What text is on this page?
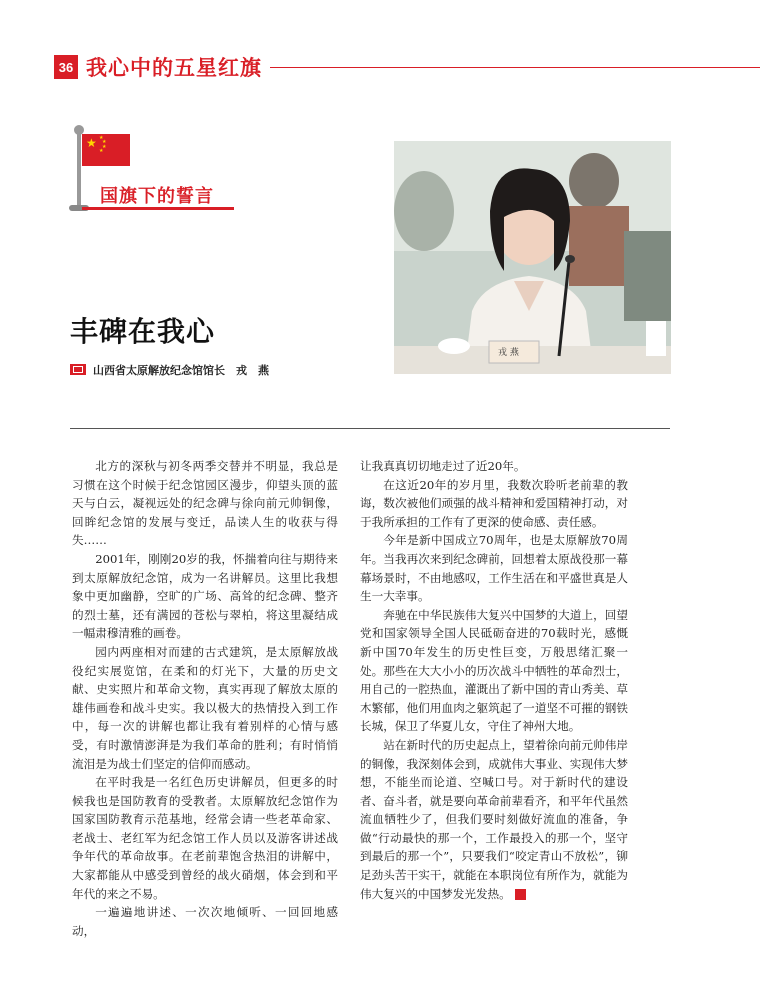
36 我心中的五星红旗
★ ★
★
★
★
国旗下的誓言
戎 燕
丰碑在我心
山西省太原解放纪念馆馆长　戎　燕

北方的深秋与初冬两季交替并不明显，我总是习惯在这个时候于纪念馆园区漫步，仰望头顶的蓝天与白云，凝视远处的纪念碑与徐向前元帅铜像，回眸纪念馆的发展与变迁，品读人生的收获与得失……

2001年，刚刚20岁的我，怀揣着向往与期待来到太原解放纪念馆，成为一名讲解员。这里比我想象中更加幽静，空旷的广场、高耸的纪念碑、整齐的烈士墓，还有满园的苍松与翠柏，将这里凝结成一幅肃穆清雅的画卷。

园内两座相对而建的古式建筑，是太原解放战役纪实展览馆，在柔和的灯光下，大量的历史文献、史实照片和革命文物，真实再现了解放太原的雄伟画卷和战斗史实。我以极大的热情投入到工作中，每一次的讲解也都让我有着别样的心情与感受，有时激情澎湃是为我们革命的胜利；有时悄悄流泪是为战士们坚定的信仰而感动。

在平时我是一名红色历史讲解员，但更多的时候我也是国防教育的受教者。太原解放纪念馆作为国家国防教育示范基地，经常会请一些老革命家、老战士、老红军为纪念馆工作人员以及游客讲述战争年代的革命故事。在老前辈饱含热泪的讲解中，大家都能从中感受到曾经的战火硝烟，体会到和平年代的来之不易。

一遍遍地讲述、一次次地倾听、一回回地感动，

让我真真切切地走过了近20年。

在这近20年的岁月里，我数次聆听老前辈的教诲，数次被他们顽强的战斗精神和爱国精神打动，对于我所承担的工作有了更深的使命感、责任感。

今年是新中国成立70周年，也是太原解放70周年。当我再次来到纪念碑前，回想着太原战役那一幕幕场景时，不由地感叹，工作生活在和平盛世真是人生一大幸事。

奔驰在中华民族伟大复兴中国梦的大道上，回望党和国家领导全国人民砥砺奋进的70载时光，感慨新中国70年发生的历史性巨变，万般思绪汇聚一处。那些在大大小小的历次战斗中牺牲的革命烈士，用自己的一腔热血，灌溉出了新中国的青山秀美、草木繁郁，他们用血肉之躯筑起了一道坚不可摧的钢铁长城，保卫了华夏儿女，守住了神州大地。

站在新时代的历史起点上，望着徐向前元帅伟岸的铜像，我深刻体会到，成就伟大事业、实现伟大梦想，不能坐而论道、空喊口号。对于新时代的建设者、奋斗者，就是要向革命前辈看齐，和平年代虽然流血牺牲少了，但我们要时刻做好流血的准备，争做“行动最快的那一个，工作最投入的那一个，坚守到最后的那一个”，只要我们“咬定青山不放松”，铆足劲头苦干实干，就能在本职岗位有所作为，就能为伟大复兴的中国梦发光发热。	C
